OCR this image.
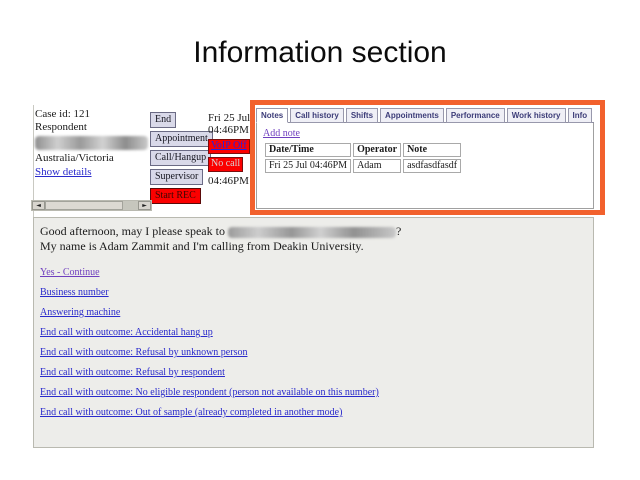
Information section
Case id: 121
Respondent
Australia/Victoria
Show details
End
Appointment
Call/Hangup
Supervisor
Start REC
Fri 25 Jul
04:46PM
VoIP Off
No call
04:46PM
◄	►
Notes	Call history	Shifts	Appointments	Performance	Work history	Info
Add note
Date/Time	Operator	Note
Fri 25 Jul 04:46PM	Adam	asdfasdfasdf

Good afternoon, may I please speak to	?

My name is Adam Zammit and I'm calling from Deakin University.

Yes - Continue
Business number
Answering machine
End call with outcome: Accidental hang up
End call with outcome: Refusal by unknown person
End call with outcome: Refusal by respondent
End call with outcome: No eligible respondent (person not available on this number)
End call with outcome: Out of sample (already completed in another mode)
